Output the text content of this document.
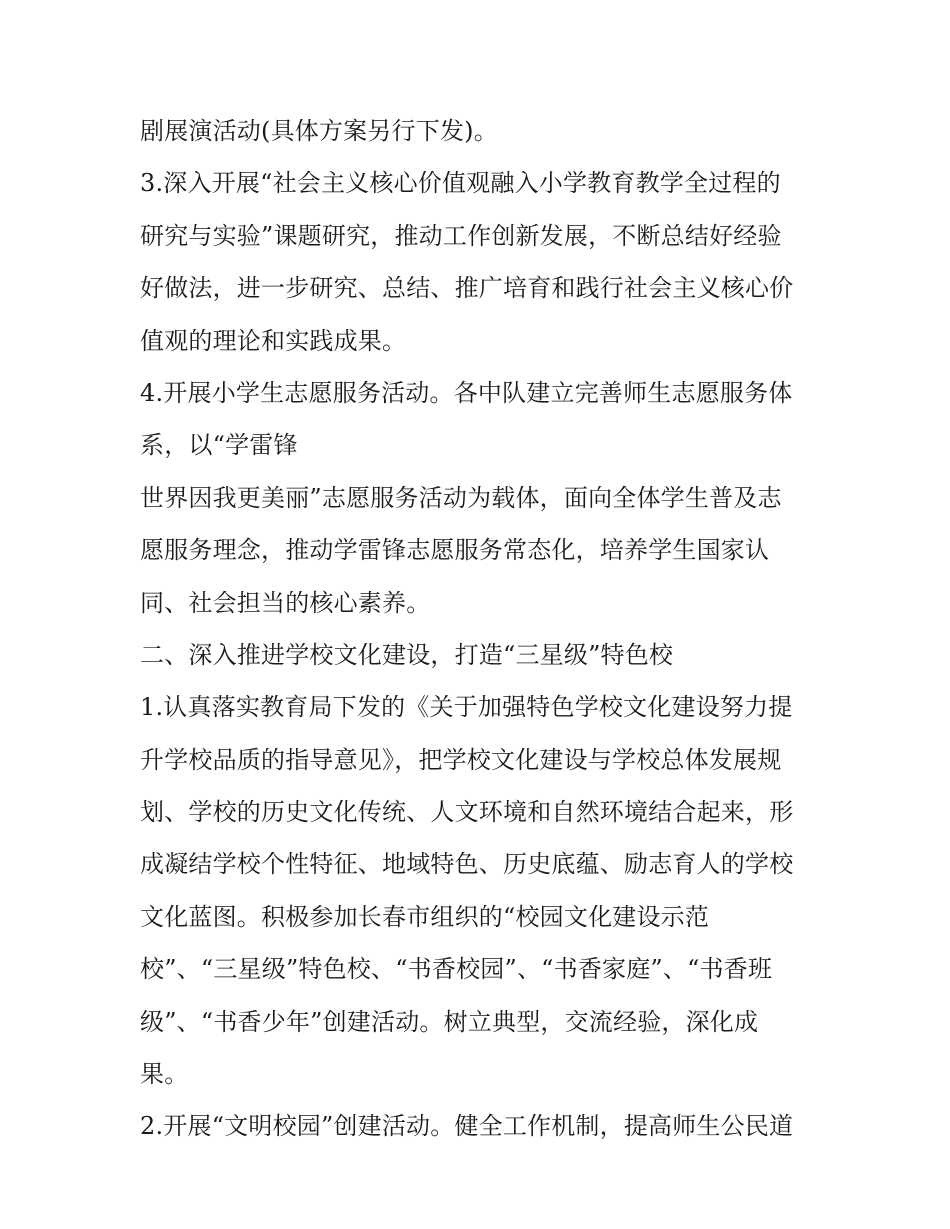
剧展演活动(具体方案另行下发)。
3.深入开展“社会主义核心价值观融入小学教育教学全过程的
研究与实验”课题研究，推动工作创新发展，不断总结好经验
好做法，进一步研究、总结、推广培育和践行社会主义核心价
值观的理论和实践成果。
4.开展小学生志愿服务活动。各中队建立完善师生志愿服务体
系，以“学雷锋
世界因我更美丽”志愿服务活动为载体，面向全体学生普及志
愿服务理念，推动学雷锋志愿服务常态化，培养学生国家认
同、社会担当的核心素养。
二、深入推进学校文化建设，打造“三星级”特色校
1.认真落实教育局下发的《关于加强特色学校文化建设努力提
升学校品质的指导意见》，把学校文化建设与学校总体发展规
划、学校的历史文化传统、人文环境和自然环境结合起来，形
成凝结学校个性特征、地域特色、历史底蕴、励志育人的学校
文化蓝图。积极参加长春市组织的“校园文化建设示范
校”、“三星级”特色校、“书香校园”、“书香家庭”、“书香班
级”、“书香少年”创建活动。树立典型，交流经验，深化成
果。
2.开展“文明校园”创建活动。健全工作机制，提高师生公民道
